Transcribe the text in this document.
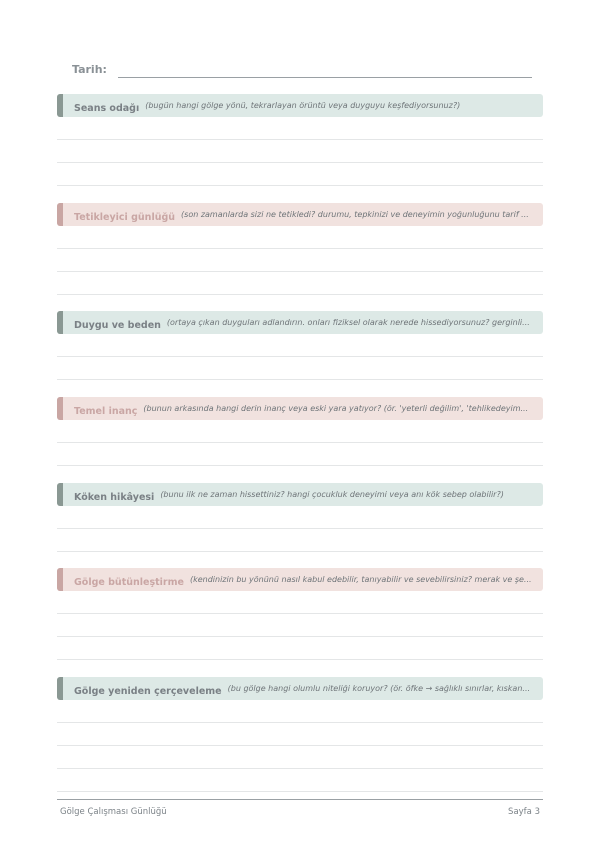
Tarih:
Seans odağı (bugün hangi gölge yönü, tekrarlayan örüntü veya duyguyu keşfediyorsunuz?)
Tetikleyici günlüğü (son zamanlarda sizi ne tetikledi? durumu, tepkinizi ve deneyimin yoğunluğunu tarif ...
Duygu ve beden (ortaya çıkan duyguları adlandırın. onları fiziksel olarak nerede hissediyorsunuz? gerginli...
Temel inanç (bunun arkasında hangi derin inanç veya eski yara yatıyor? (ör. 'yeterli değilim', 'tehlikedeyim...
Köken hikâyesi (bunu ilk ne zaman hissettiniz? hangi çocukluk deneyimi veya anı kök sebep olabilir?)
Gölge bütünleştirme (kendinizin bu yönünü nasıl kabul edebilir, tanıyabilir ve sevebilirsiniz? merak ve şe...
Gölge yeniden çerçeveleme (bu gölge hangi olumlu niteliği koruyor? (ör. öfke → sağlıklı sınırlar, kıskan...
Gölge Çalışması Günlüğü	Sayfa 3
